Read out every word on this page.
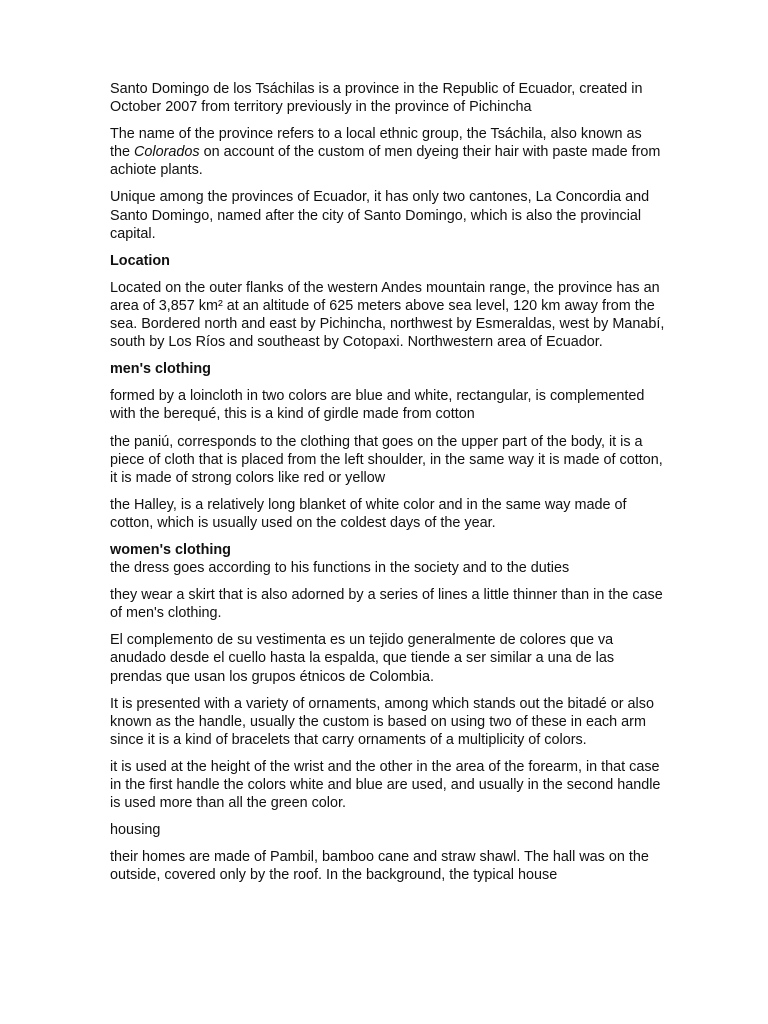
Santo Domingo de los Tsáchilas is a province in the Republic of Ecuador, created in October 2007 from territory previously in the province of Pichincha

The name of the province refers to a local ethnic group, the Tsáchila, also known as the Colorados on account of the custom of men dyeing their hair with paste made from achiote plants.

Unique among the provinces of Ecuador, it has only two cantones, La Concordia and Santo Domingo, named after the city of Santo Domingo, which is also the provincial capital.

Location

Located on the outer flanks of the western Andes mountain range, the province has an area of 3,857 km² at an altitude of 625 meters above sea level, 120 km away from the sea. Bordered north and east by Pichincha, northwest by Esmeraldas, west by Manabí, south by Los Ríos and southeast by Cotopaxi. Northwestern area of Ecuador.

men's clothing

formed by a loincloth in two colors are blue and white, rectangular, is complemented with the berequé, this is a kind of girdle made from cotton

the paniú, corresponds to the clothing that goes on the upper part of the body, it is a piece of cloth that is placed from the left shoulder, in the same way it is made of cotton, it is made of strong colors like red or yellow

the Halley, is a relatively long blanket of white color and in the same way made of cotton, which is usually used on the coldest days of the year.

women's clothing

the dress goes according to his functions in the society and to the duties

they wear a skirt that is also adorned by a series of lines a little thinner than in the case of men's clothing.

El complemento de su vestimenta es un tejido generalmente de colores que va anudado desde el cuello hasta la espalda, que tiende a ser similar a una de las prendas que usan los grupos étnicos de Colombia.

It is presented with a variety of ornaments, among which stands out the bitadé or also known as the handle, usually the custom is based on using two of these in each arm since it is a kind of bracelets that carry ornaments of a multiplicity of colors.

it is used at the height of the wrist and the other in the area of the forearm, in that case in the first handle the colors white and blue are used, and usually in the second handle is used more than all the green color.

housing

their homes are made of Pambil, bamboo cane and straw shawl. The hall was on the outside, covered only by the roof. In the background, the typical house
